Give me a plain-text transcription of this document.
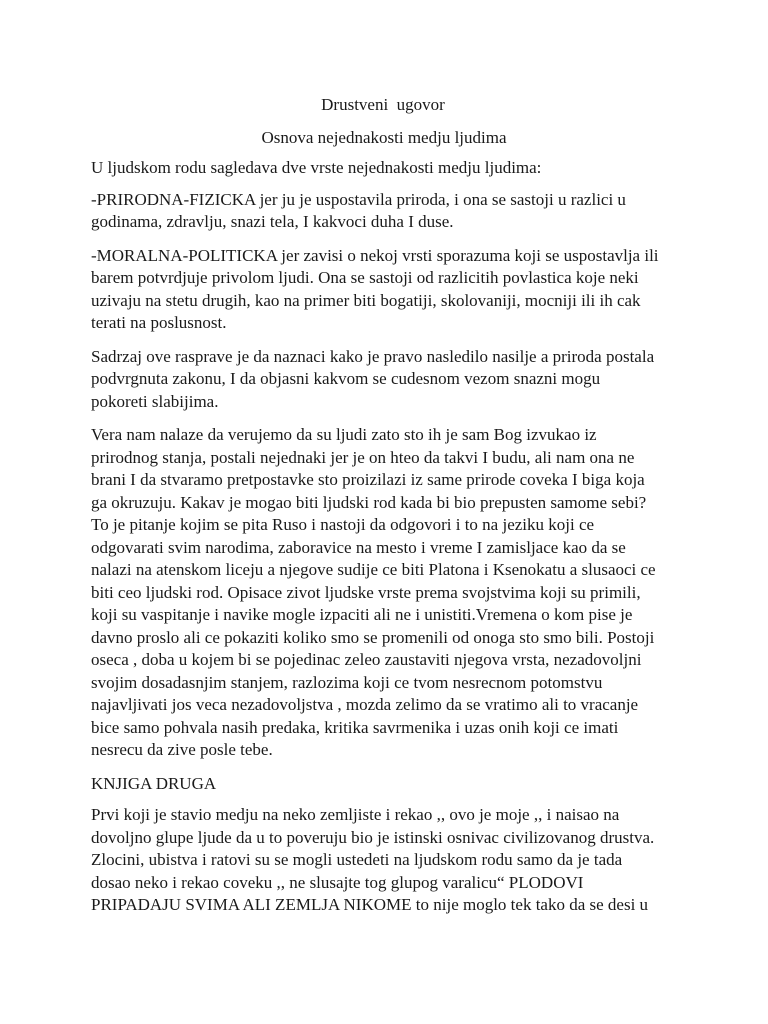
Drustveni  ugovor
Osnova nejednakosti medju ljudima

U ljudskom rodu sagledava dve vrste nejednakosti medju ljudima:

-PRIRODNA-FIZICKA jer ju je uspostavila priroda, i ona se sastoji u razlici u
godinama, zdravlju, snazi tela, I kakvoci duha I duse.

-MORALNA-POLITICKA jer zavisi o nekoj vrsti sporazuma koji se uspostavlja ili
barem potvrdjuje privolom ljudi. Ona se sastoji od razlicitih povlastica koje neki
uzivaju na stetu drugih, kao na primer biti bogatiji, skolovaniji, mocniji ili ih cak
terati na poslusnost.

Sadrzaj ove rasprave je da naznaci kako je pravo nasledilo nasilje a priroda postala
podvrgnuta zakonu, I da objasni kakvom se cudesnom vezom snazni mogu
pokoreti slabijima.

Vera nam nalaze da verujemo da su ljudi zato sto ih je sam Bog izvukao iz
prirodnog stanja, postali nejednaki jer je on hteo da takvi I budu, ali nam ona ne
brani I da stvaramo pretpostavke sto proizilazi iz same prirode coveka I biga koja
ga okruzuju. Kakav je mogao biti ljudski rod kada bi bio prepusten samome sebi?
To je pitanje kojim se pita Ruso i nastoji da odgovori i to na jeziku koji ce
odgovarati svim narodima, zaboravice na mesto i vreme I zamisljace kao da se
nalazi na atenskom liceju a njegove sudije ce biti Platona i Ksenokatu a slusaoci ce
biti ceo ljudski rod. Opisace zivot ljudske vrste prema svojstvima koji su primili,
koji su vaspitanje i navike mogle izpaciti ali ne i unistiti.Vremena o kom pise je
davno proslo ali ce pokaziti koliko smo se promenili od onoga sto smo bili. Postoji
oseca , doba u kojem bi se pojedinac zeleo zaustaviti njegova vrsta, nezadovoljni
svojim dosadasnjim stanjem, razlozima koji ce tvom nesrecnom potomstvu
najavljivati jos veca nezadovoljstva , mozda zelimo da se vratimo ali to vracanje
bice samo pohvala nasih predaka, kritika savrmenika i uzas onih koji ce imati
nesrecu da zive posle tebe.

KNJIGA DRUGA

Prvi koji je stavio medju na neko zemljiste i rekao ,, ovo je moje ,, i naisao na
dovoljno glupe ljude da u to poveruju bio je istinski osnivac civilizovanog drustva.
Zlocini, ubistva i ratovi su se mogli ustedeti na ljudskom rodu samo da je tada
dosao neko i rekao coveku ,, ne slusajte tog glupog varalicu“ PLODOVI
PRIPADAJU SVIMA ALI ZEMLJA NIKOME to nije moglo tek tako da se desi u
